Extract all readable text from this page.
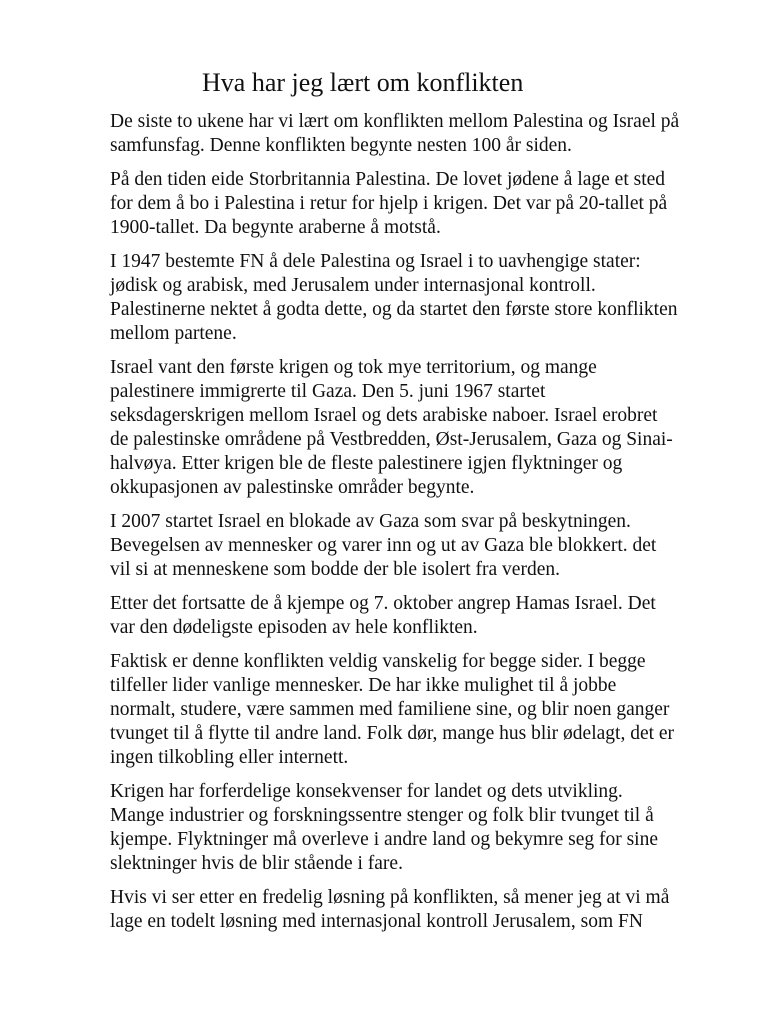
Hva har jeg lært om konflikten

De siste to ukene har vi lært om konflikten mellom Palestina og Israel på
samfunsfag. Denne konflikten begynte nesten 100 år siden.

På den tiden eide Storbritannia Palestina. De lovet jødene å lage et sted
for dem å bo i Palestina i retur for hjelp i krigen. Det var på 20-tallet på
1900-tallet. Da begynte araberne å motstå.

I 1947 bestemte FN å dele Palestina og Israel i to uavhengige stater:
jødisk og arabisk, med Jerusalem under internasjonal kontroll.
Palestinerne nektet å godta dette, og da startet den første store konflikten
mellom partene.

Israel vant den første krigen og tok mye territorium, og mange
palestinere immigrerte til Gaza. Den 5. juni 1967 startet
seksdagerskrigen mellom Israel og dets arabiske naboer. Israel erobret
de palestinske områdene på Vestbredden, Øst-Jerusalem, Gaza og Sinai-
halvøya. Etter krigen ble de fleste palestinere igjen flyktninger og
okkupasjonen av palestinske områder begynte.

I 2007 startet Israel en blokade av Gaza som svar på beskytningen.
Bevegelsen av mennesker og varer inn og ut av Gaza ble blokkert. det
vil si at menneskene som bodde der ble isolert fra verden.

Etter det fortsatte de å kjempe og 7. oktober angrep Hamas Israel. Det
var den dødeligste episoden av hele konflikten.

Faktisk er denne konflikten veldig vanskelig for begge sider. I begge
tilfeller lider vanlige mennesker. De har ikke mulighet til å jobbe
normalt, studere, være sammen med familiene sine, og blir noen ganger
tvunget til å flytte til andre land. Folk dør, mange hus blir ødelagt, det er
ingen tilkobling eller internett.

Krigen har forferdelige konsekvenser for landet og dets utvikling.
Mange industrier og forskningssentre stenger og folk blir tvunget til å
kjempe. Flyktninger må overleve i andre land og bekymre seg for sine
slektninger hvis de blir stående i fare.

Hvis vi ser etter en fredelig løsning på konflikten, så mener jeg at vi må
lage en todelt løsning med internasjonal kontroll Jerusalem, som FN
